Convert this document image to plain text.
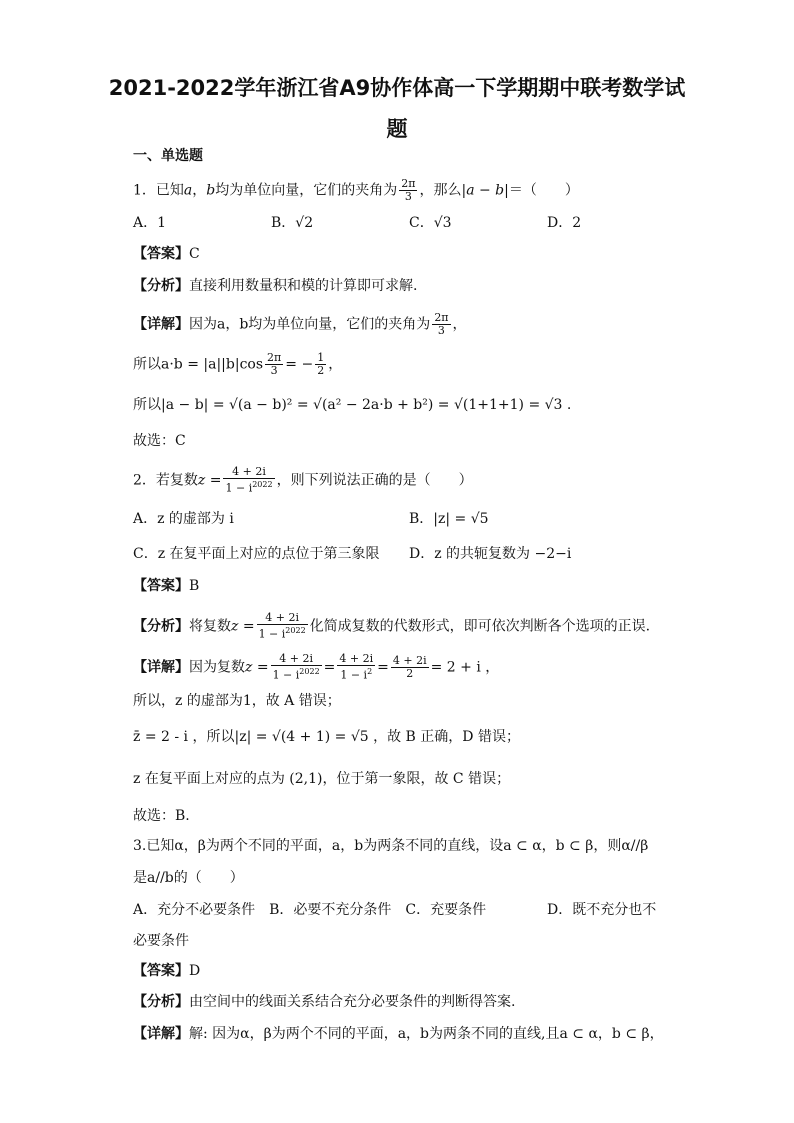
2021-2022学年浙江省A9协作体高一下学期期中联考数学试
题
一、单选题
1．已知a，b均为单位向量，它们的夹角为 $\frac{2\pi}{3}$ ，那么|a − b|＝（　　）
A．1	B．√2	C．√3	D．2
【答案】C
【分析】直接利用数量积和模的计算即可求解.
【详解】因为a，b均为单位向量，它们的夹角为 $\frac{2\pi}{3}$ ，
所以$a\cdot b = |a||b|\cos \frac{2\pi}{3}$ = − $\frac{1}{2}$ ，
所以|a − b| = √(a − b)² = √(a² − 2a·b + b²) = √(1+1+1) = √3 .
故选：C
2．若复数$z = \frac{4 + 2i}{1 - i^{2022}}$ ，则下列说法正确的是（　　）
A．z 的虚部为 i	B．|z| = √5
C．z 在复平面上对应的点位于第三象限 D．z 的共轭复数为 −2−i
【答案】B
【分析】将复数$z = \frac{4 + 2i}{1 - i^{2022}}$ 化简成复数的代数形式，即可依次判断各个选项的正误.
【详解】因为复数$z = \frac{4 + 2i}{1 - i^{2022}} = \frac{4 + 2i}{1 - i^2} = \frac{4 + 2i}{2} = 2 + i$ ，
所以，z 的虚部为1，故 A 错误；
z̄ = 2 - i ，所以|z| = √(4 + 1) = √5 ，故 B 正确，D 错误；
z 在复平面上对应的点为 (2,1)，位于第一象限，故 C 错误；
故选：B.
3.已知α，β为两个不同的平面，a，b为两条不同的直线，设a ⊂ α，b ⊂ β，则α//β
是a//b的（　　）
A．充分不必要条件　B．必要不充分条件　C．充要条件	D．既不充分也不
必要条件
【答案】D
【分析】由空间中的线面关系结合充分必要条件的判断得答案.
【详解】解: 因为α，β为两个不同的平面，a，b为两条不同的直线,且a ⊂ α，b ⊂ β，
